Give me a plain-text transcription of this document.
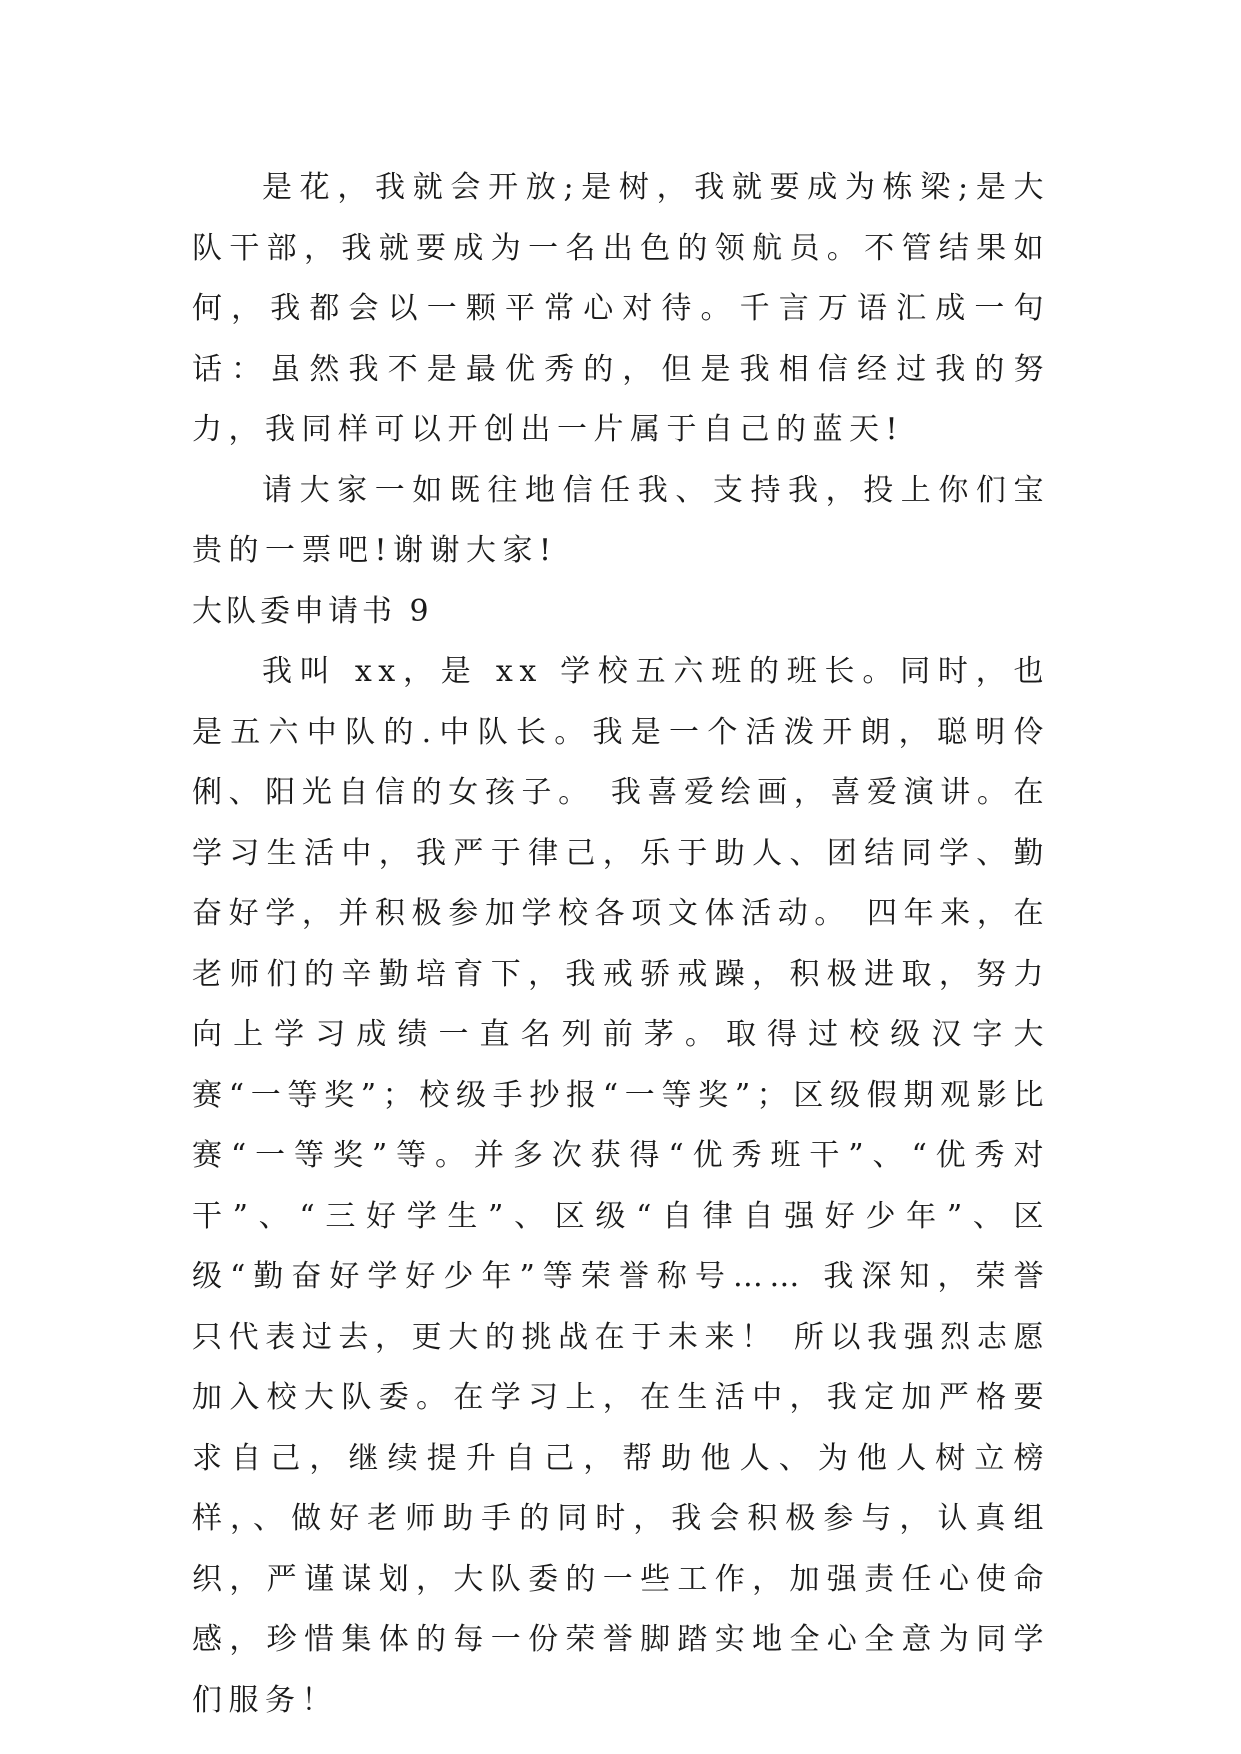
是花，我就会开放;是树，我就要成为栋梁;是大队干部，我就要成为一名出色的领航员。不管结果如何，我都会以一颗平常心对待。千言万语汇成一句话：虽然我不是最优秀的，但是我相信经过我的努力，我同样可以开创出一片属于自己的蓝天!

请大家一如既往地信任我、支持我，投上你们宝贵的一票吧!谢谢大家!

大队委申请书 9

我叫 xx，是 xx 学校五六班的班长。同时，也是五六中队的.中队长。我是一个活泼开朗，聪明伶俐、阳光自信的女孩子。 我喜爱绘画，喜爱演讲。在学习生活中，我严于律己，乐于助人、团结同学、勤奋好学，并积极参加学校各项文体活动。 四年来，在老师们的辛勤培育下，我戒骄戒躁，积极进取，努力向上学习成绩一直名列前茅。取得过校级汉字大赛“一等奖”；校级手抄报“一等奖”；区级假期观影比赛“一等奖”等。并多次获得“优秀班干”、“优秀对干”、“三好学生”、区级“自律自强好少年”、区级“勤奋好学好少年”等荣誉称号…… 我深知，荣誉只代表过去，更大的挑战在于未来！ 所以我强烈志愿加入校大队委。在学习上，在生活中，我定加严格要求自己，继续提升自己，帮助他人、为他人树立榜样，、做好老师助手的同时，我会积极参与，认真组织，严谨谋划，大队委的一些工作，加强责任心使命感，珍惜集体的每一份荣誉脚踏实地全心全意为同学们服务！
